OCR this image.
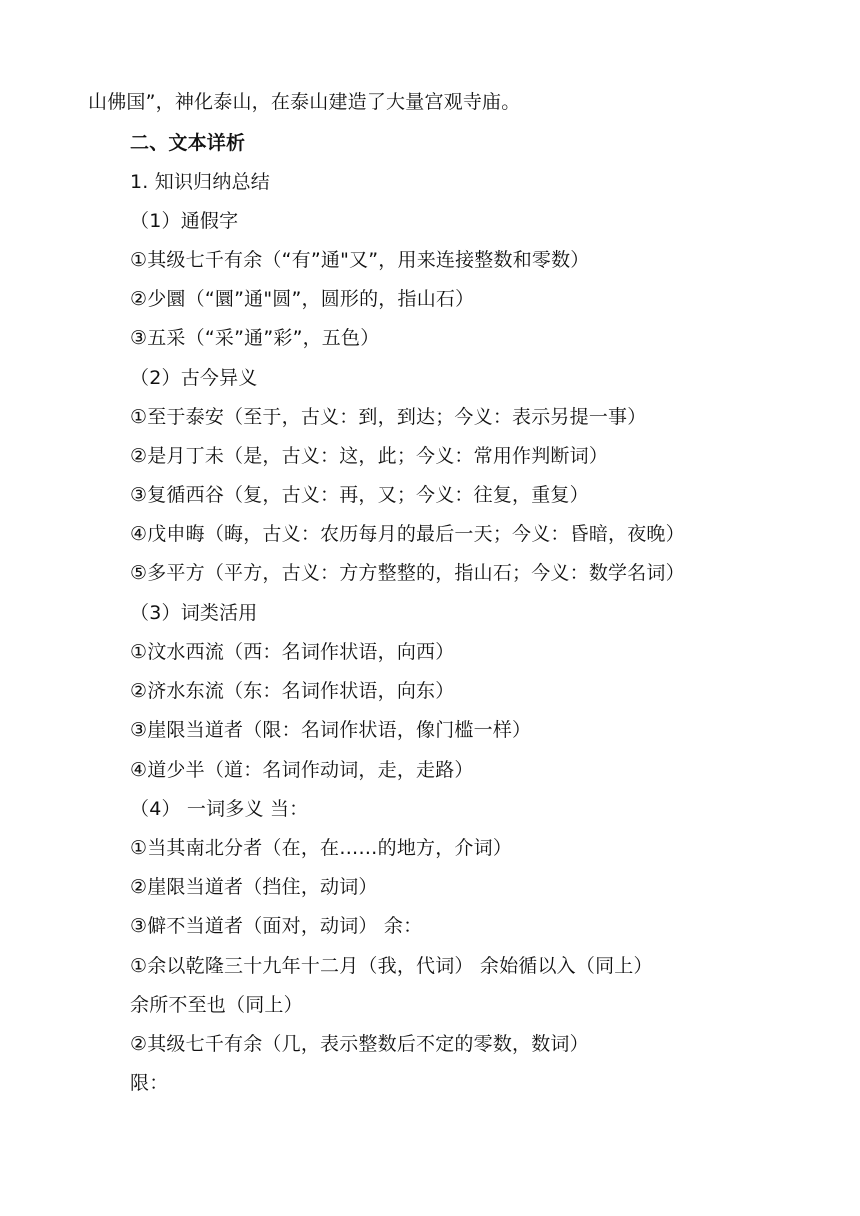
山佛国”，神化泰山，在泰山建造了大量宫观寺庙。
二、文本详析
1. 知识归纳总结
（1）通假字
①其级七千有余（“有”通"又”，用来连接整数和零数）
②少圜（“圜”通"圆”，圆形的，指山石）
③五采（“采”通”彩”，五色）
（2）古今异义
①至于泰安（至于，古义：到，到达；今义：表示另提一事）
②是月丁未（是，古义：这，此；今义：常用作判断词）
③复循西谷（复，古义：再，又；今义：往复，重复）
④戊申晦（晦，古义：农历每月的最后一天；今义：昏暗，夜晚）
⑤多平方（平方，古义：方方整整的，指山石；今义：数学名词）
（3）词类活用
①汶水西流（西：名词作状语，向西）
②济水东流（东：名词作状语，向东）
③崖限当道者（限：名词作状语，像门槛一样）
④道少半（道：名词作动词，走，走路）
（4） 一词多义 当：
①当其南北分者（在，在……的地方，介词）
②崖限当道者（挡住，动词）
③僻不当道者（面对，动词） 余：
①余以乾隆三十九年十二月（我，代词） 余始循以入（同上）
余所不至也（同上）
②其级七千有余（几，表示整数后不定的零数，数词）
限：
